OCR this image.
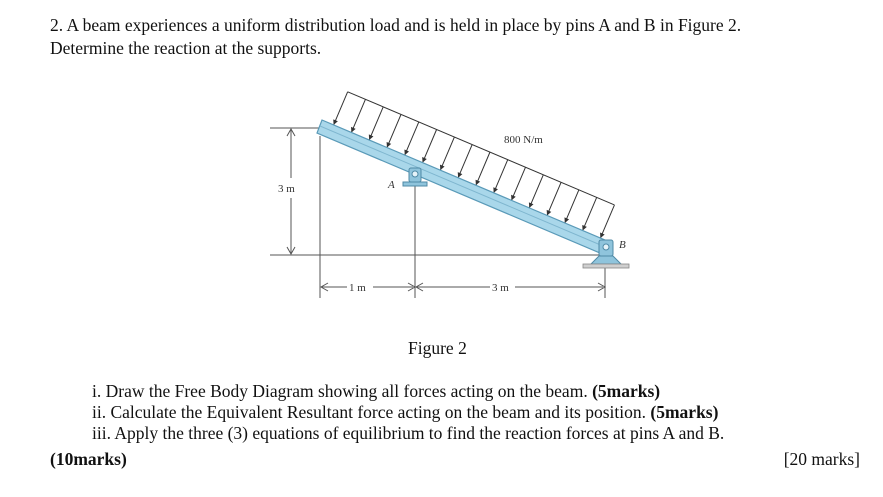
2. A beam experiences a uniform distribution load and is held in place by pins A and B in Figure 2.

Determine the reaction at the supports.

3 m
1 m	3 m
A
B
800 N/m
Figure 2

i. Draw the Free Body Diagram showing all forces acting on the beam. (5marks)

ii. Calculate the Equivalent Resultant force acting on the beam and its position. (5marks)

iii. Apply the three (3) equations of equilibrium to find the reaction forces at pins A and B.

(10marks)	[20 marks]
